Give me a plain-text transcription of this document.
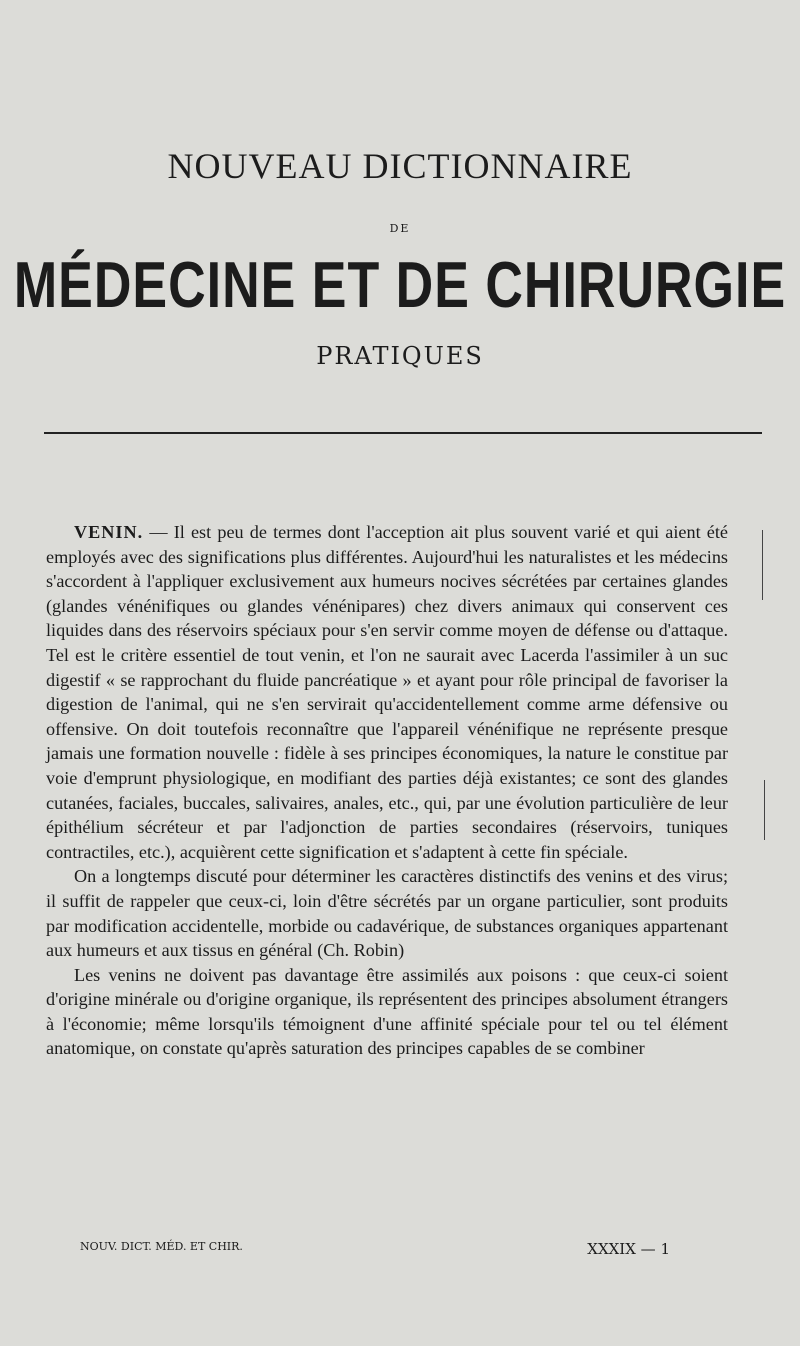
NOUVEAU DICTIONNAIRE
DE
MÉDECINE ET DE CHIRURGIE
PRATIQUES

VENIN. — Il est peu de termes dont l'acception ait plus souvent varié et qui aient été employés avec des significations plus différentes. Aujourd'hui les naturalistes et les médecins s'accordent à l'appliquer exclusivement aux humeurs nocives sécrétées par certaines glandes (glandes vénénifiques ou glandes vénénipares) chez divers animaux qui conservent ces liquides dans des réservoirs spéciaux pour s'en servir comme moyen de défense ou d'attaque. Tel est le critère essentiel de tout venin, et l'on ne saurait avec Lacerda l'assimiler à un suc digestif « se rapprochant du fluide pancréatique » et ayant pour rôle principal de favoriser la digestion de l'animal, qui ne s'en servirait qu'accidentellement comme arme défensive ou offensive. On doit toutefois reconnaître que l'appareil vénénifique ne représente presque jamais une formation nouvelle : fidèle à ses principes économiques, la nature le constitue par voie d'emprunt physiologique, en modifiant des parties déjà existantes; ce sont des glandes cutanées, faciales, buccales, salivaires, anales, etc., qui, par une évolution particulière de leur épithélium sécréteur et par l'adjonction de parties secondaires (réservoirs, tuniques contractiles, etc.), acquièrent cette signification et s'adaptent à cette fin spéciale.

On a longtemps discuté pour déterminer les caractères distinctifs des venins et des virus; il suffit de rappeler que ceux-ci, loin d'être sécrétés par un organe particulier, sont produits par modification accidentelle, morbide ou cadavérique, de substances organiques appartenant aux humeurs et aux tissus en général (Ch. Robin)

Les venins ne doivent pas davantage être assimilés aux poisons : que ceux-ci soient d'origine minérale ou d'origine organique, ils représentent des principes absolument étrangers à l'économie; même lorsqu'ils témoignent d'une affinité spéciale pour tel ou tel élément anatomique, on constate qu'après saturation des principes capables de se combiner

NOUV. DICT. MÉD. ET CHIR.	XXXIX — 1
